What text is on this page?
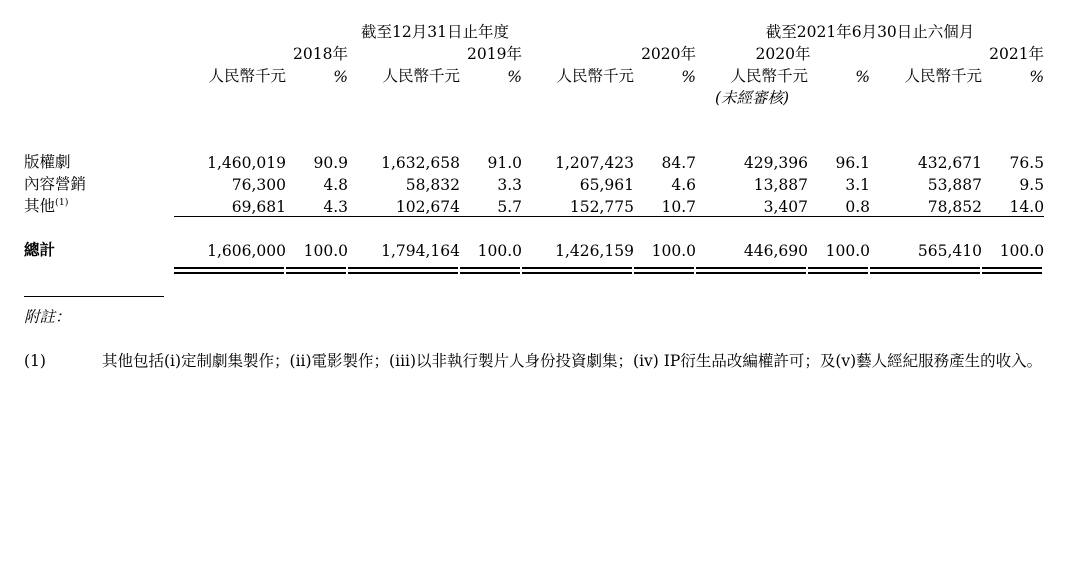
	截至12月31日止年度						截至2021年6月30日止六個月			
	2018年		2019年		2020年		2020年		2021年	
	人民幣千元	%	人民幣千元	%	人民幣千元	%	人民幣千元	%	人民幣千元	%
							(未經審核)			

版權劇	1,460,019	90.9	1,632,658	91.0	1,207,423	84.7	429,396	96.1	432,671	76.5
內容營銷	76,300	4.8	58,832	3.3	65,961	4.6	13,887	3.1	53,887	9.5
其他$^{(1)}$	69,681	4.3	102,674	5.7	152,775	10.7	3,407	0.8	78,852	14.0
總計	1,606,000	100.0	1,794,164	100.0	1,426,159	100.0	446,690	100.0	565,410	100.0

附註：
(1)	其他包括(i)定制劇集製作；(ii)電影製作；(iii)以非執行製片人身份投資劇集；(iv) IP衍生品改編權許可；及(v)藝人經紀服務產生的收入。
